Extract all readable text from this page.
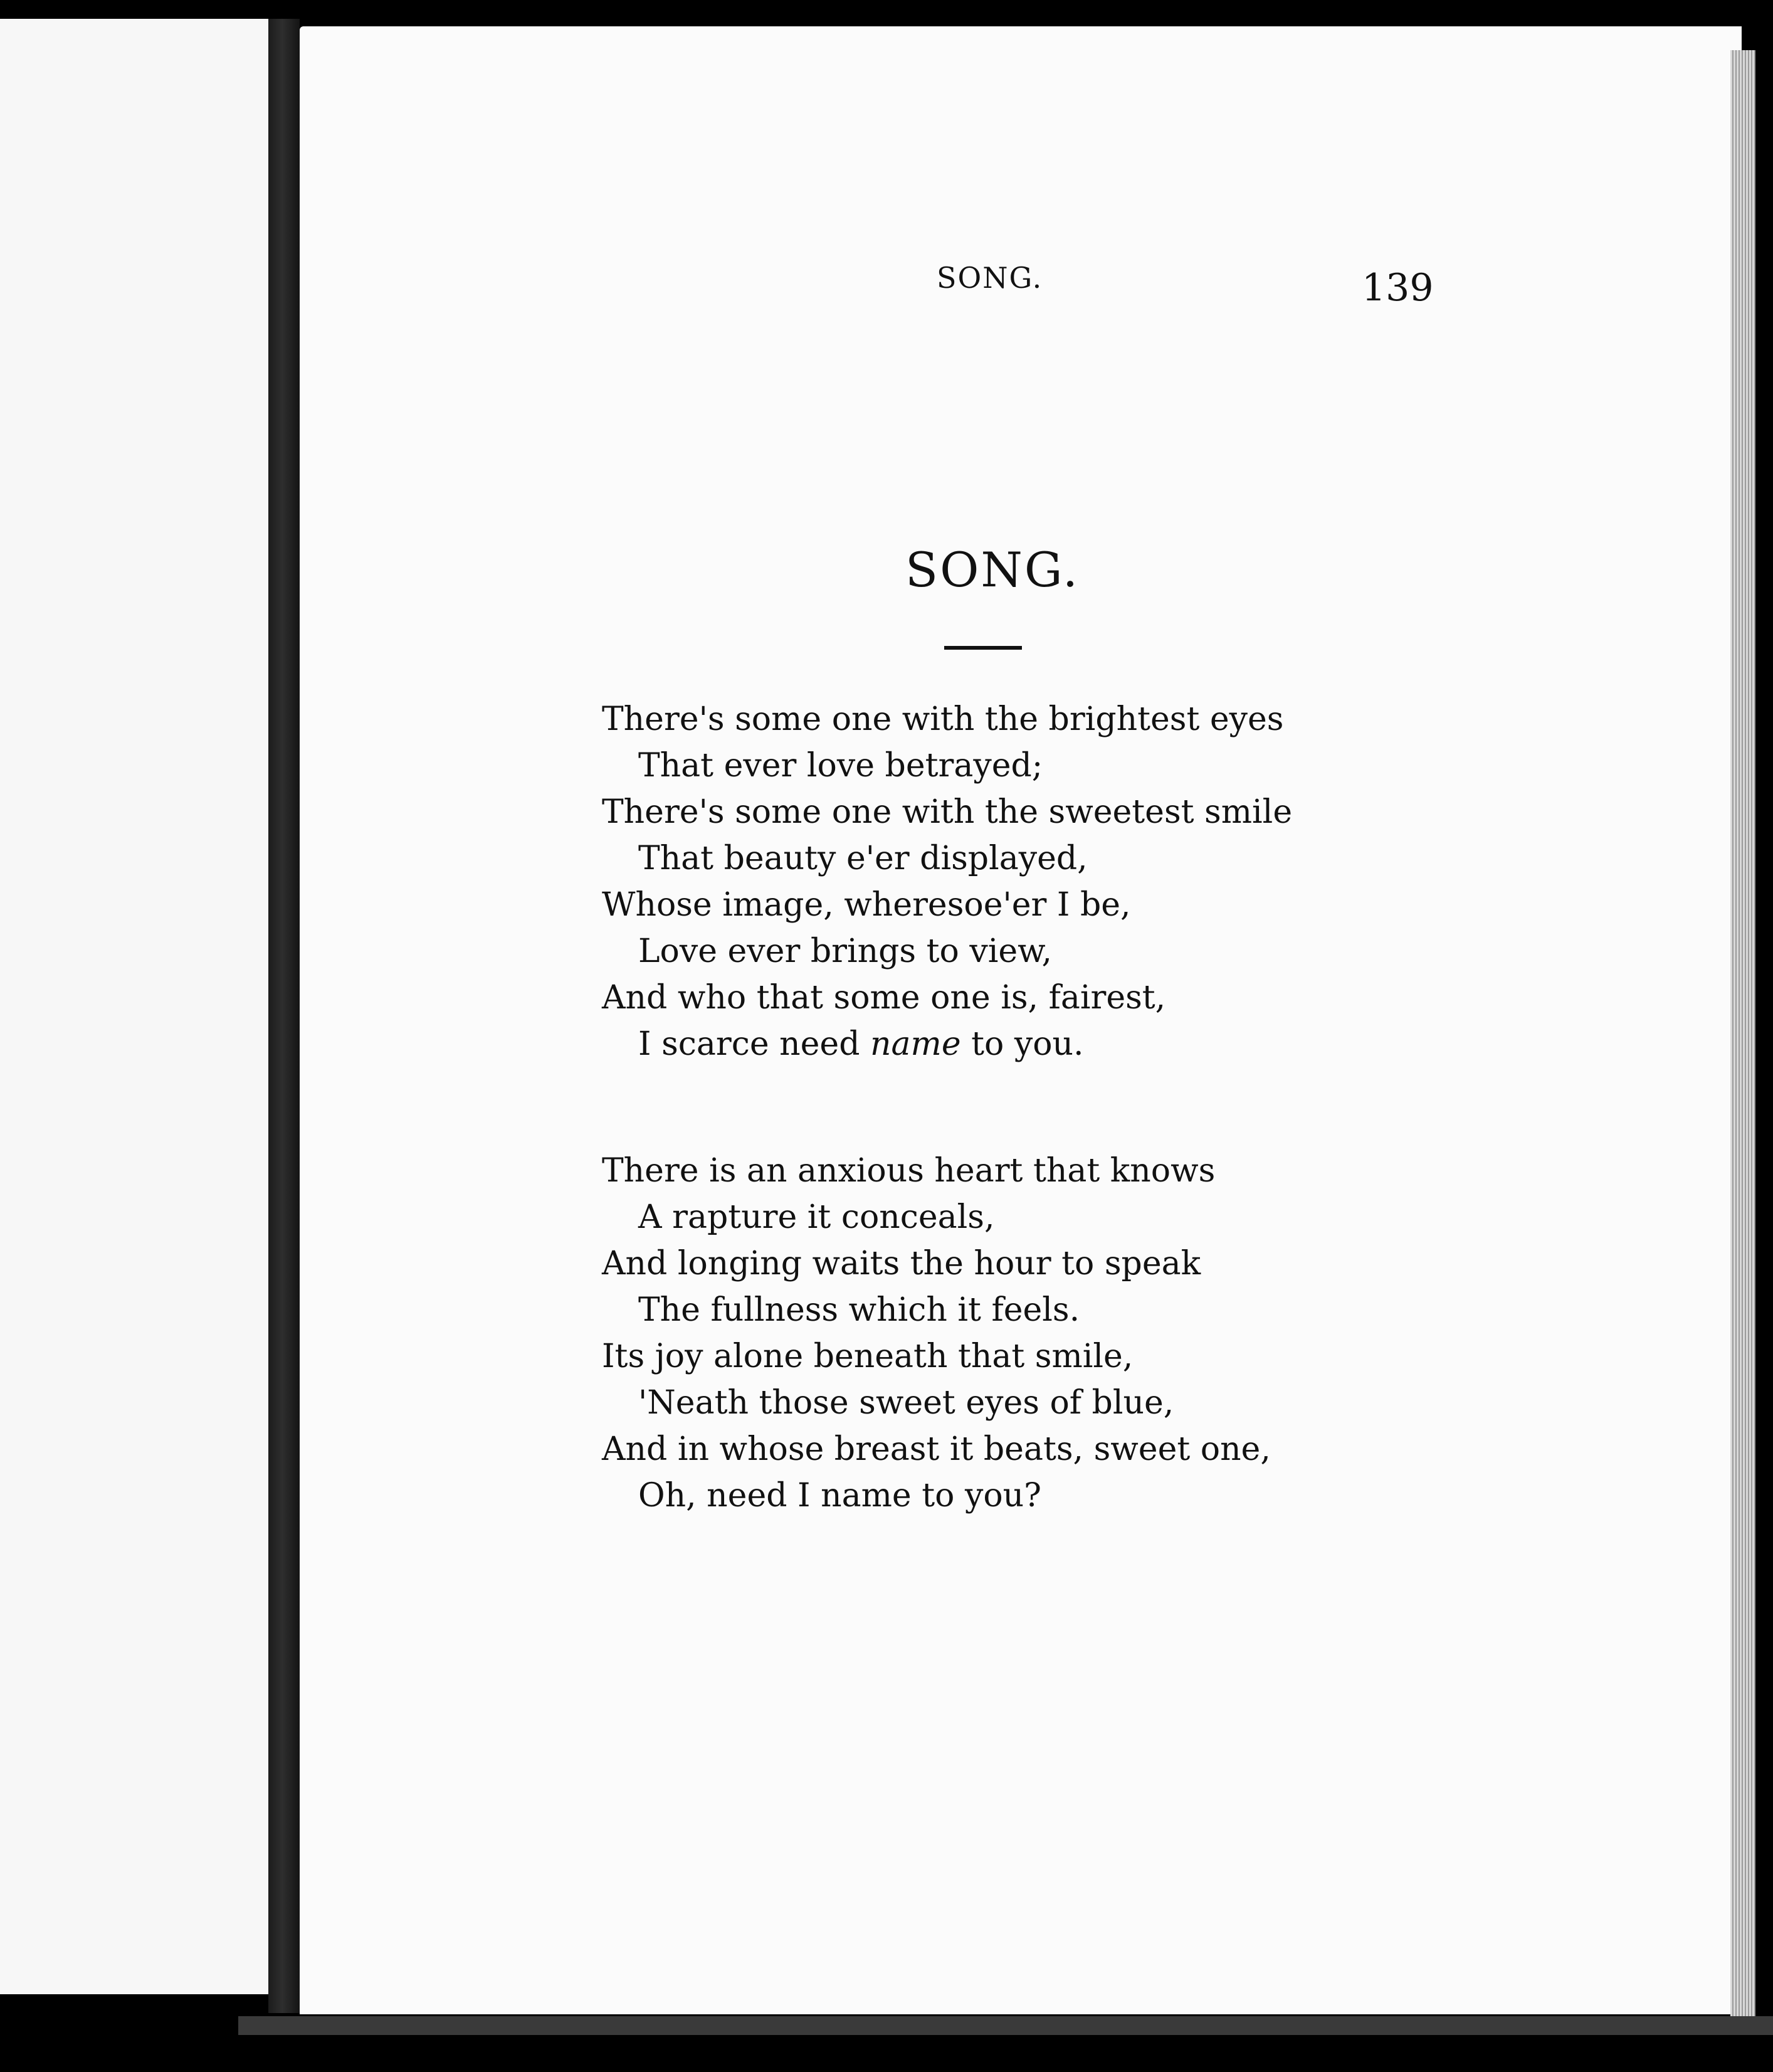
SONG.	139
SONG.
There's some one with the brightest eyes
That ever love betrayed;
There's some one with the sweetest smile
That beauty e'er displayed,
Whose image, wheresoe'er I be,
Love ever brings to view,
And who that some one is, fairest,
I scarce need name to you.
There is an anxious heart that knows
A rapture it conceals,
And longing waits the hour to speak
The fullness which it feels.
Its joy alone beneath that smile,
'Neath those sweet eyes of blue,
And in whose breast it beats, sweet one,
Oh, need I name to you?
